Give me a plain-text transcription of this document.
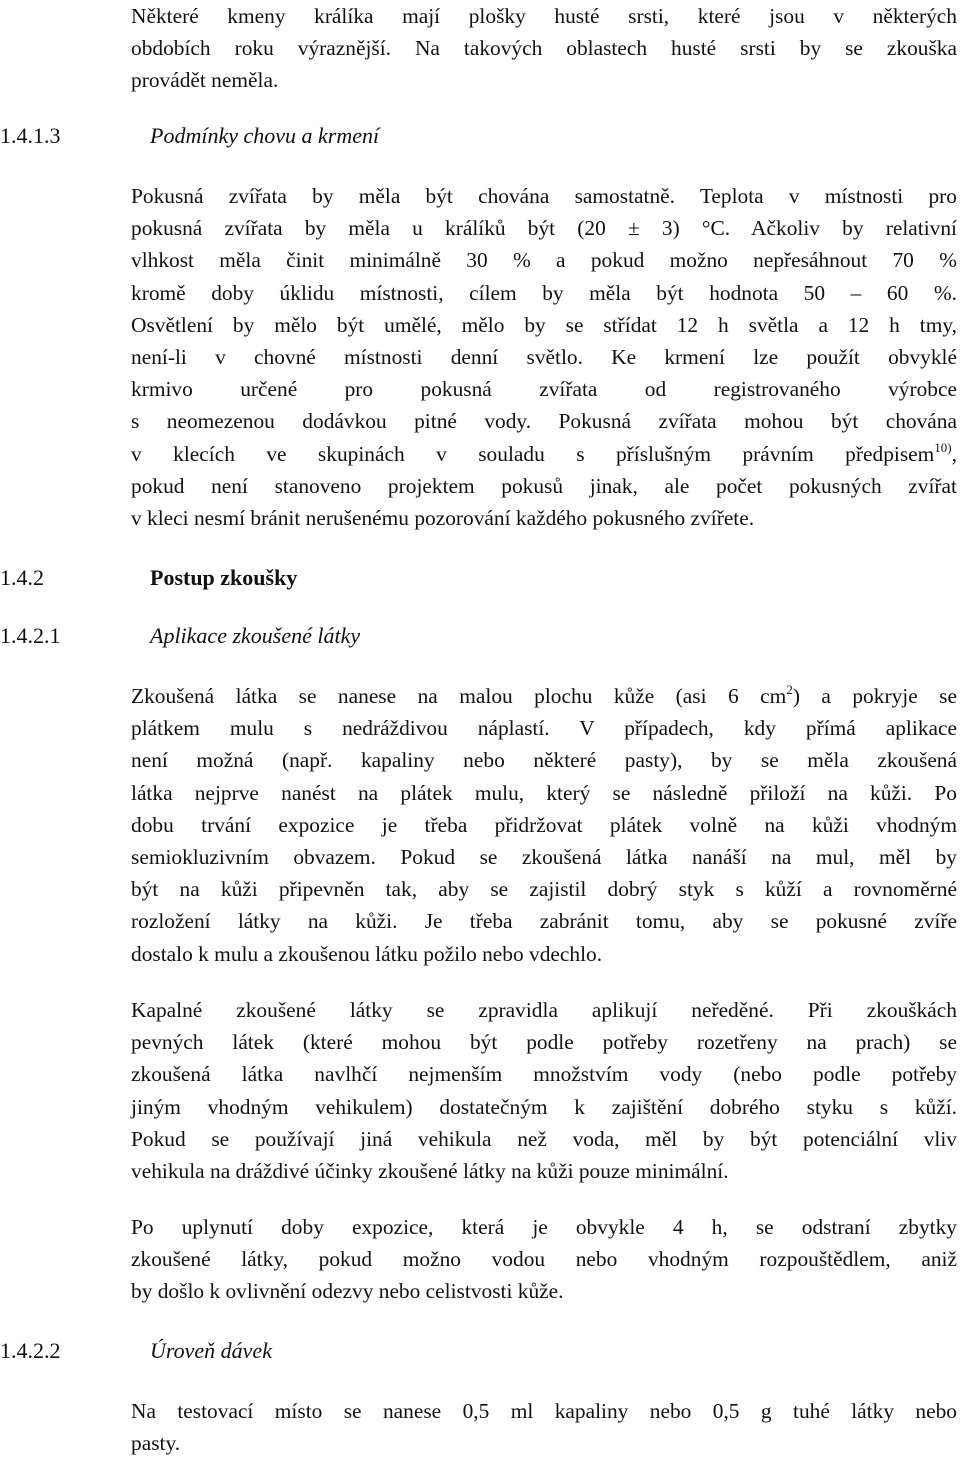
Některé kmeny králíka mají plošky husté srsti, které jsou v některých
obdobích roku výraznější. Na takových oblastech husté srsti by se zkouška
provádět neměla.
1.4.1.3	Podmínky chovu a krmení
Pokusná zvířata by měla být chována samostatně. Teplota v místnosti pro
pokusná zvířata by měla u králíků být (20 ± 3) °C. Ačkoliv by relativní
vlhkost měla činit minimálně 30 % a pokud možno nepřesáhnout 70 %
kromě doby úklidu místnosti, cílem by měla být hodnota 50 – 60 %.
Osvětlení by mělo být umělé, mělo by se střídat 12 h světla a 12 h tmy,
není-li v chovné místnosti denní světlo. Ke krmení lze použít obvyklé
krmivo určené pro pokusná zvířata od registrovaného výrobce
s neomezenou dodávkou pitné vody. Pokusná zvířata mohou být chována
v klecích ve skupinách v souladu s příslušným právním předpisem$^{10)}$,
pokud není stanoveno projektem pokusů jinak, ale počet pokusných zvířat
v kleci nesmí bránit nerušenému pozorování každého pokusného zvířete.
1.4.2	Postup zkoušky
1.4.2.1	Aplikace zkoušené látky
Zkoušená látka se nanese na malou plochu kůže (asi 6 $cm^2$) a pokryje se
plátkem mulu s nedráždivou náplastí. V případech, kdy přímá aplikace
není možná (např. kapaliny nebo některé pasty), by se měla zkoušená
látka nejprve nanést na plátek mulu, který se následně přiloží na kůži. Po
dobu trvání expozice je třeba přidržovat plátek volně na kůži vhodným
semiokluzivním obvazem. Pokud se zkoušená látka nanáší na mul, měl by
být na kůži připevněn tak, aby se zajistil dobrý styk s kůží a rovnoměrné
rozložení látky na kůži. Je třeba zabránit tomu, aby se pokusné zvíře
dostalo k mulu a zkoušenou látku požilo nebo vdechlo.
Kapalné zkoušené látky se zpravidla aplikují neředěné. Při zkouškách
pevných látek (které mohou být podle potřeby rozetřeny na prach) se
zkoušená látka navlhčí nejmenším množstvím vody (nebo podle potřeby
jiným vhodným vehikulem) dostatečným k zajištění dobrého styku s kůží.
Pokud se používají jiná vehikula než voda, měl by být potenciální vliv
vehikula na dráždivé účinky zkoušené látky na kůži pouze minimální.
Po uplynutí doby expozice, která je obvykle 4 h, se odstraní zbytky
zkoušené látky, pokud možno vodou nebo vhodným rozpouštědlem, aniž
by došlo k ovlivnění odezvy nebo celistvosti kůže.
1.4.2.2	Úroveň dávek
Na testovací místo se nanese 0,5 ml kapaliny nebo 0,5 g tuhé látky nebo
pasty.
